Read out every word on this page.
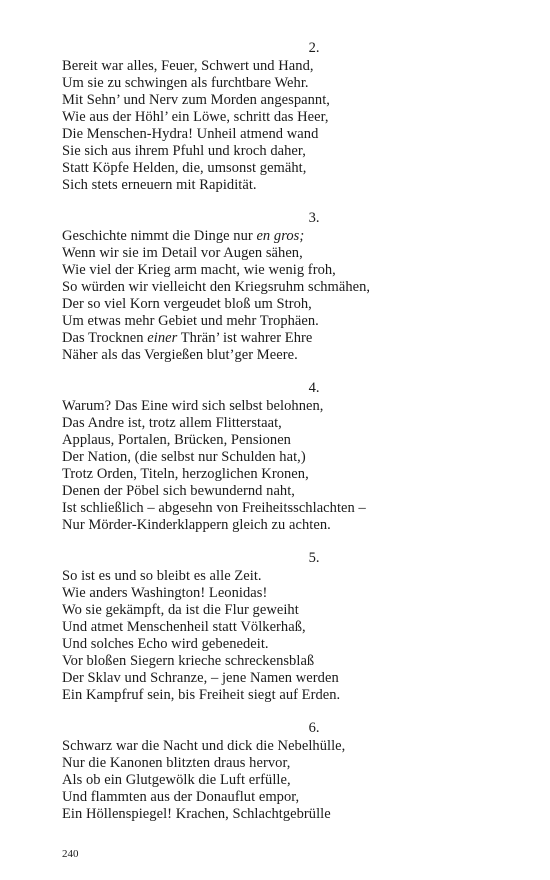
2.
Bereit war alles, Feuer, Schwert und Hand,
Um sie zu schwingen als furchtbare Wehr.
Mit Sehn’ und Nerv zum Morden angespannt,
Wie aus der Höhl’ ein Löwe, schritt das Heer,
Die Menschen-Hydra! Unheil atmend wand
Sie sich aus ihrem Pfuhl und kroch daher,
Statt Köpfe Helden, die, umsonst gemäht,
Sich stets erneuern mit Rapidität.
3.
Geschichte nimmt die Dinge nur en gros;
Wenn wir sie im Detail vor Augen sähen,
Wie viel der Krieg arm macht, wie wenig froh,
So würden wir vielleicht den Kriegsruhm schmähen,
Der so viel Korn vergeudet bloß um Stroh,
Um etwas mehr Gebiet und mehr Trophäen.
Das Trocknen einer Thrän’ ist wahrer Ehre
Näher als das Vergießen blut’ger Meere.
4.
Warum? Das Eine wird sich selbst belohnen,
Das Andre ist, trotz allem Flitterstaat,
Applaus, Portalen, Brücken, Pensionen
Der Nation, (die selbst nur Schulden hat,)
Trotz Orden, Titeln, herzoglichen Kronen,
Denen der Pöbel sich bewundernd naht,
Ist schließlich – abgesehn von Freiheitsschlachten –
Nur Mörder-Kinderklappern gleich zu achten.
5.
So ist es und so bleibt es alle Zeit.
Wie anders Washington! Leonidas!
Wo sie gekämpft, da ist die Flur geweiht
Und atmet Menschenheil statt Völkerhaß,
Und solches Echo wird gebenedeit.
Vor bloßen Siegern krieche schreckensblaß
Der Sklav und Schranze, – jene Namen werden
Ein Kampfruf sein, bis Freiheit siegt auf Erden.
6.
Schwarz war die Nacht und dick die Nebelhülle,
Nur die Kanonen blitzten draus hervor,
Als ob ein Glutgewölk die Luft erfülle,
Und flammten aus der Donauflut empor,
Ein Höllenspiegel! Krachen, Schlachtgebrülle
240
